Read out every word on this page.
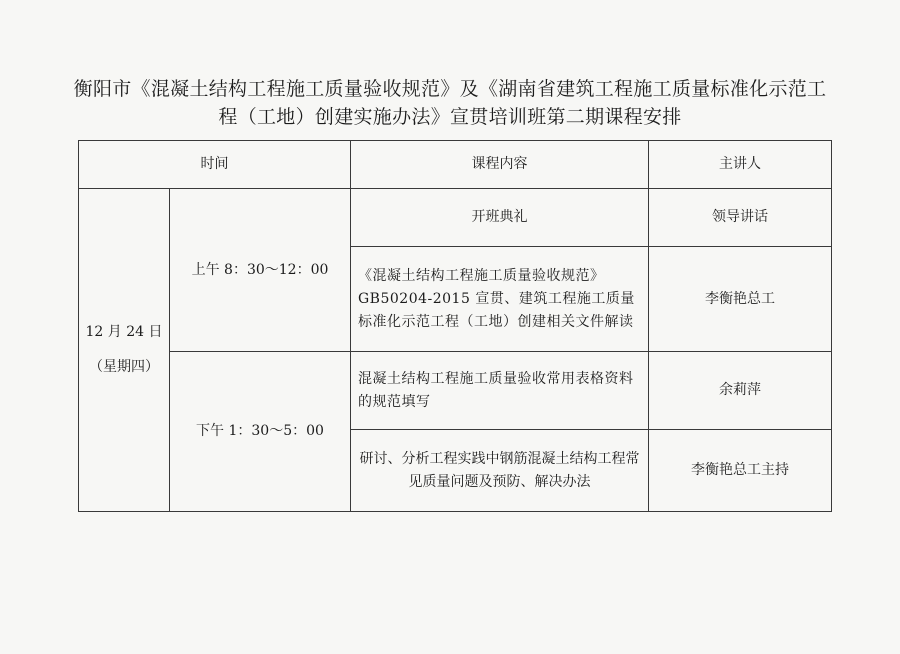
衡阳市《混凝土结构工程施工质量验收规范》及《湖南省建筑工程施工质量标准化示范工
程（工地）创建实施办法》宣贯培训班第二期课程安排
时间		课程内容	主讲人
12 月 24 日
（星期四）	上午 8：30～12：00	开班典礼	领导讲话
		《混凝土结构工程施工质量验收规范》GB50204-2015 宣贯、建筑工程施工质量标准化示范工程（工地）创建相关文件解读	李衡艳总工
	下午 1：30～5：00	混凝土结构工程施工质量验收常用表格资料的规范填写	余莉萍
		研讨、分析工程实践中钢筋混凝土结构工程常见质量问题及预防、解决办法	李衡艳总工主持
